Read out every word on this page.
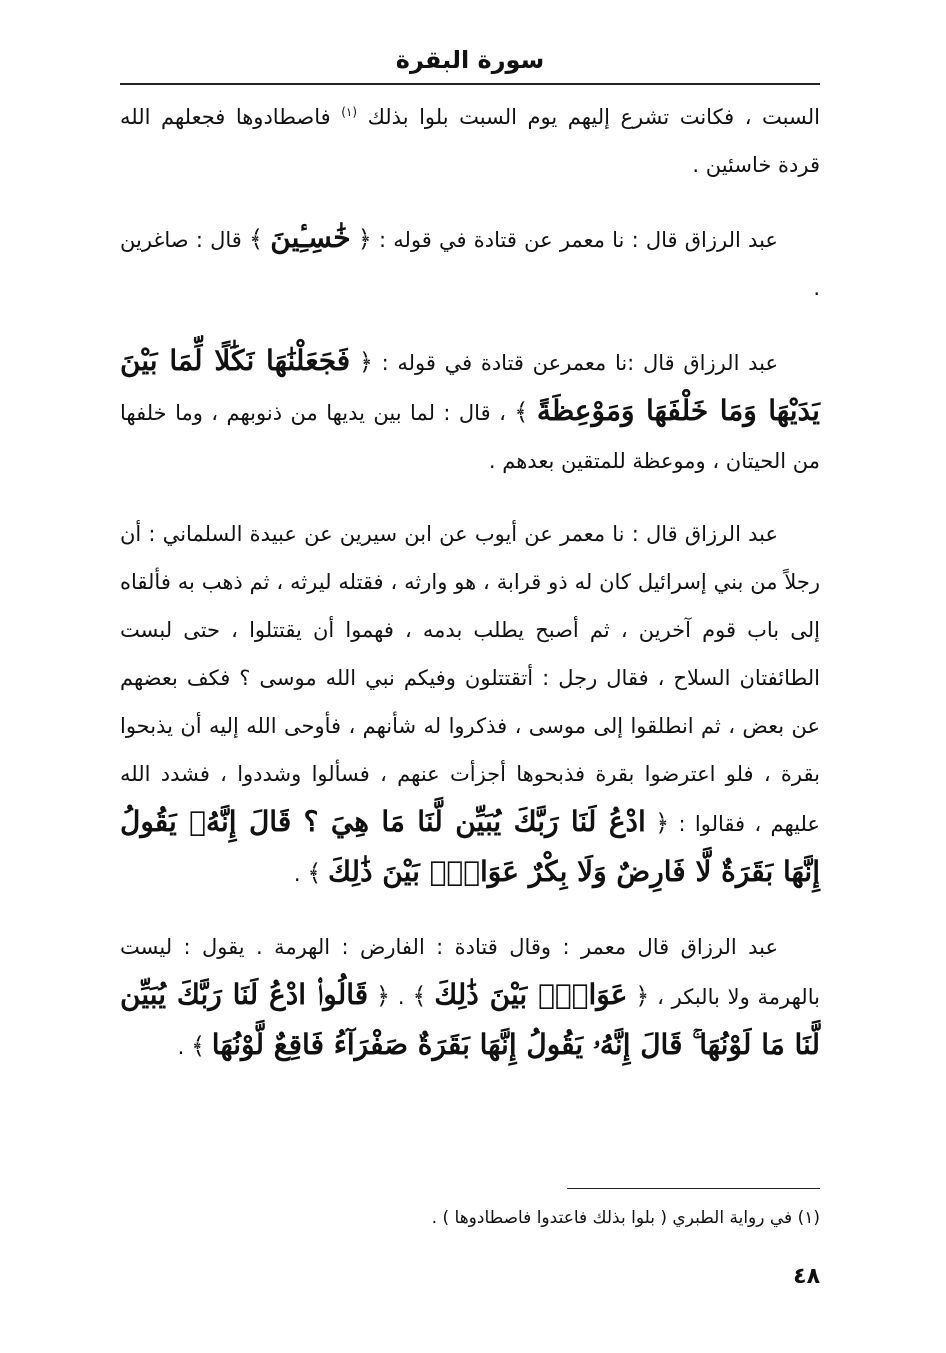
سورة البقرة

السبت ، فكانت تشرع إليهم يوم السبت بلوا بذلك $^{(١)}$ فاصطادوها فجعلهم الله قردة خاسئين .

عبد الرزاق قال : نا معمر عن قتادة في قوله : ﴿ خَٰسِـِٔينَ ﴾ قال : صاغرين .

عبد الرزاق قال :نا معمرعن قتادة في قوله : ﴿ فَجَعَلْنَٰهَا نَكَٰلًا لِّمَا بَيْنَ يَدَيْهَا وَمَا خَلْفَهَا وَمَوْعِظَةً ﴾ ، قال : لما بين يديها من ذنوبهم ، وما خلفها من الحيتان ، وموعظة للمتقين بعدهم .

عبد الرزاق قال : نا معمر عن أيوب عن ابن سيرين عن عبيدة السلماني : أن رجلاً من بني إسرائيل كان له ذو قرابة ، هو وارثه ، فقتله ليرثه ، ثم ذهب به فألقاه إلى باب قوم آخرين ، ثم أصبح يطلب بدمه ، فهموا أن يقتتلوا ، حتى لبست الطائفتان السلاح ، فقال رجل : أتقتتلون وفيكم نبي الله موسى ؟ فكف بعضهم عن بعض ، ثم انطلقوا إلى موسى ، فذكروا له شأنهم ، فأوحى الله إليه أن يذبحوا بقرة ، فلو اعترضوا بقرة فذبحوها أجزأت عنهم ، فسألوا وشددوا ، فشدد الله عليهم ، فقالوا : ﴿ ادْعُ لَنَا رَبَّكَ يُبَيِّن لَّنَا مَا هِيَ ؟ قَالَ إِنَّهُۥ يَقُولُ إِنَّهَا بَقَرَةٌ لَّا فَارِضٌ وَلَا بِكْرٌ عَوَانٌۢ بَيْنَ ذَٰلِكَ ﴾ .

عبد الرزاق قال معمر : وقال قتادة : الفارض : الهرمة . يقول : ليست بالهرمة ولا بالبكر ، ﴿ عَوَانٌۢ بَيْنَ ذَٰلِكَ ﴾ . ﴿ قَالُوا۟ ادْعُ لَنَا رَبَّكَ يُبَيِّن لَّنَا مَا لَوْنُهَا ۚ قَالَ إِنَّهُۥ يَقُولُ إِنَّهَا بَقَرَةٌ صَفْرَآءُ فَاقِعٌ لَّوْنُهَا ﴾ .

(١) في رواية الطبري ( بلوا بذلك فاعتدوا فاصطادوها ) .
٤٨
